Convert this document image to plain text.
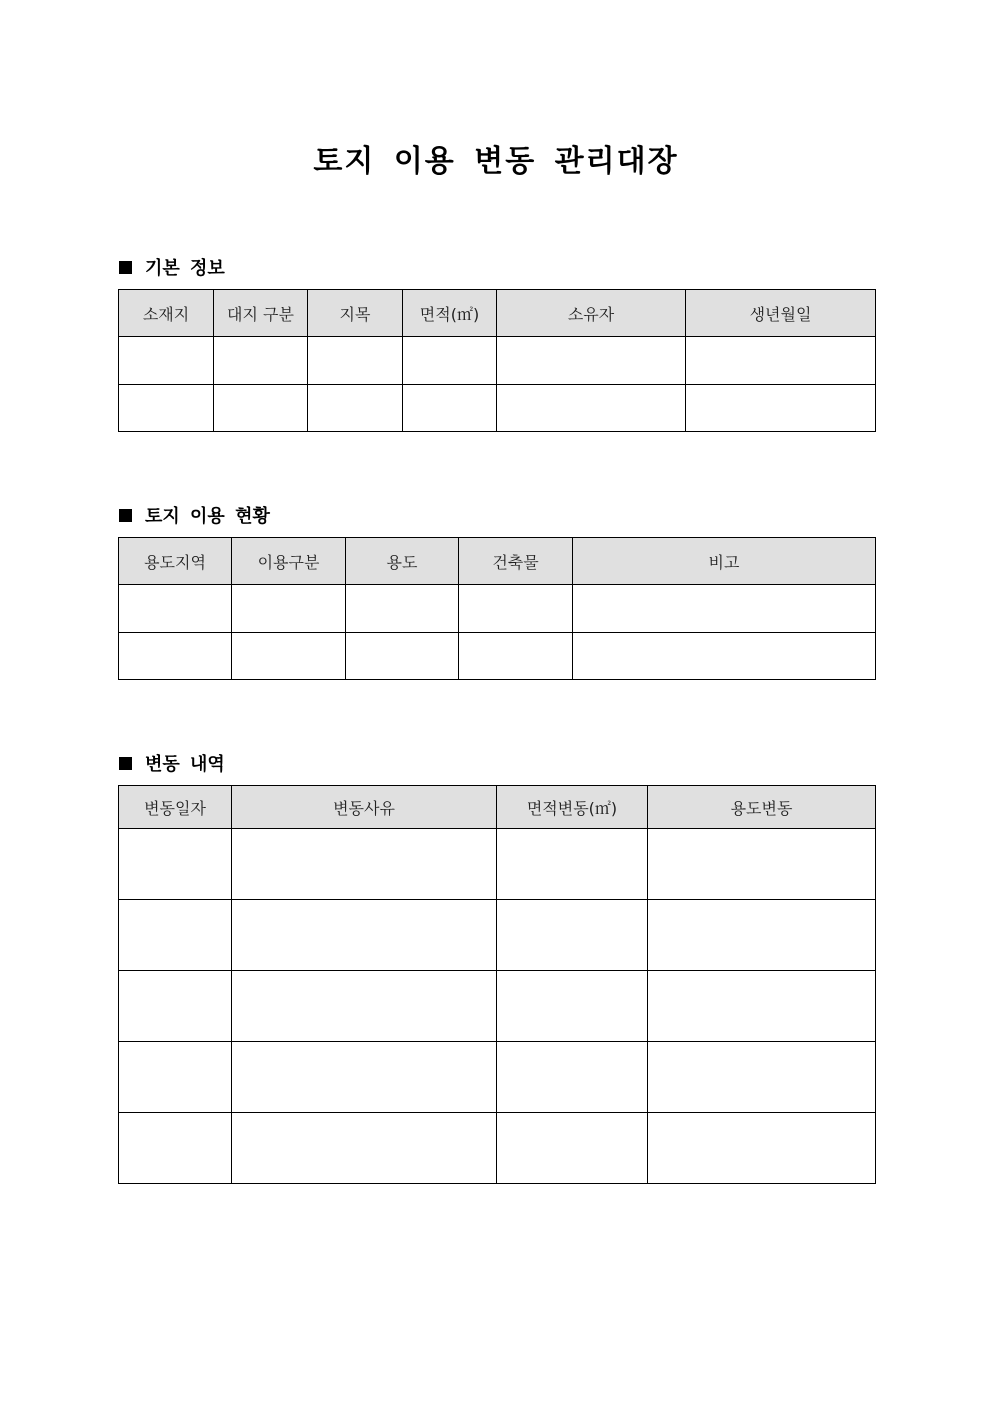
토지 이용 변동 관리대장
기본 정보
소재지	대지 구분	지목	면적(㎡)	소유자	생년월일

토지 이용 현황
용도지역	이용구분	용도	건축물	비고

변동 내역
변동일자	변동사유	면적변동(㎡)	용도변동
